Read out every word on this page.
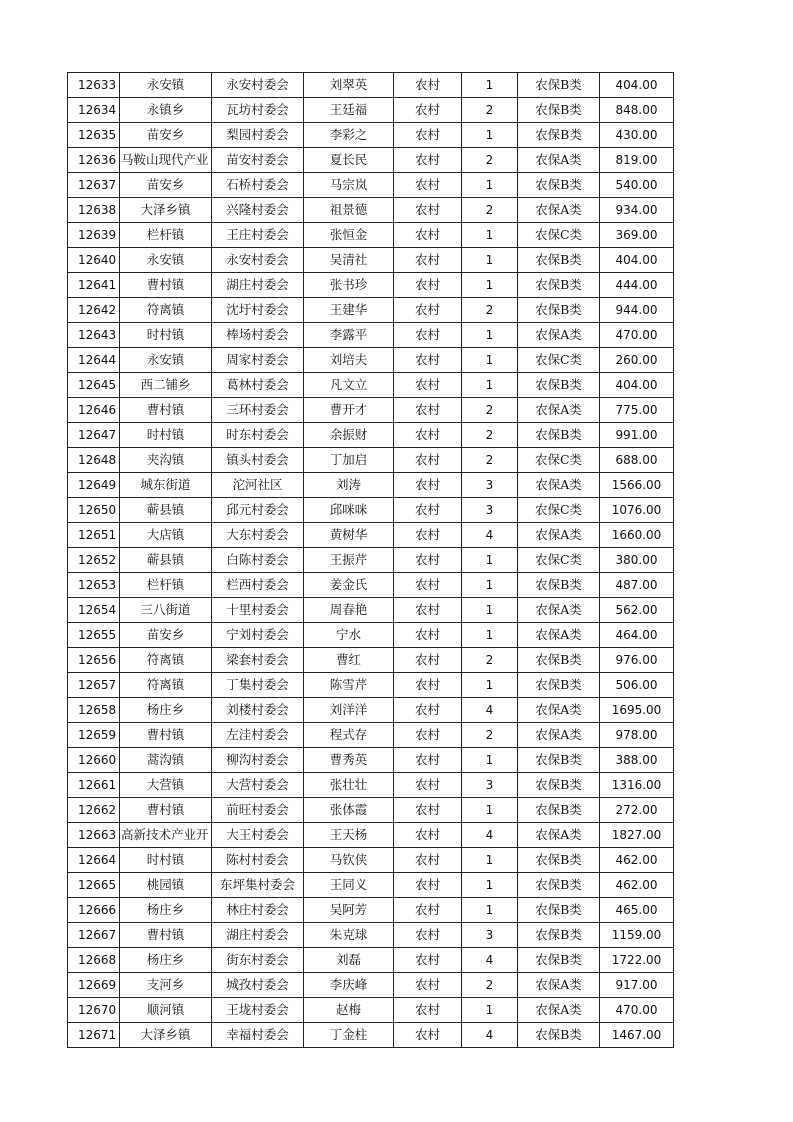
12633	永安镇	永安村委会	刘翠英	农村	1	农保B类	404.00
12634	永镇乡	瓦坊村委会	王廷福	农村	2	农保B类	848.00
12635	苗安乡	梨园村委会	李彩之	农村	1	农保B类	430.00
12636	马鞍山现代产业	苗安村委会	夏长民	农村	2	农保A类	819.00
12637	苗安乡	石桥村委会	马宗岚	农村	1	农保B类	540.00
12638	大泽乡镇	兴隆村委会	祖景德	农村	2	农保A类	934.00
12639	栏杆镇	王庄村委会	张恒金	农村	1	农保C类	369.00
12640	永安镇	永安村委会	吴清社	农村	1	农保B类	404.00
12641	曹村镇	湖庄村委会	张书珍	农村	1	农保B类	444.00
12642	符离镇	沈圩村委会	王建华	农村	2	农保B类	944.00
12643	时村镇	棒场村委会	李露平	农村	1	农保A类	470.00
12644	永安镇	周家村委会	刘培夫	农村	1	农保C类	260.00
12645	西二铺乡	葛林村委会	凡文立	农村	1	农保B类	404.00
12646	曹村镇	三环村委会	曹开才	农村	2	农保A类	775.00
12647	时村镇	时东村委会	余振财	农村	2	农保B类	991.00
12648	夹沟镇	镇头村委会	丁加启	农村	2	农保C类	688.00
12649	城东街道	沱河社区	刘涛	农村	3	农保A类	1566.00
12650	蕲县镇	邱元村委会	邱咪咪	农村	3	农保C类	1076.00
12651	大店镇	大东村委会	黄树华	农村	4	农保A类	1660.00
12652	蕲县镇	白陈村委会	王振芹	农村	1	农保C类	380.00
12653	栏杆镇	栏西村委会	姜金氏	农村	1	农保B类	487.00
12654	三八街道	十里村委会	周春艳	农村	1	农保A类	562.00
12655	苗安乡	宁刘村委会	宁水	农村	1	农保A类	464.00
12656	符离镇	梁套村委会	曹红	农村	2	农保B类	976.00
12657	符离镇	丁集村委会	陈雪芹	农村	1	农保B类	506.00
12658	杨庄乡	刘楼村委会	刘洋洋	农村	4	农保A类	1695.00
12659	曹村镇	左洼村委会	程式存	农村	2	农保A类	978.00
12660	蒿沟镇	柳沟村委会	曹秀英	农村	1	农保B类	388.00
12661	大营镇	大营村委会	张壮壮	农村	3	农保B类	1316.00
12662	曹村镇	前旺村委会	张体霞	农村	1	农保B类	272.00
12663	高新技术产业开	大王村委会	王天杨	农村	4	农保A类	1827.00
12664	时村镇	陈村村委会	马钦侠	农村	1	农保B类	462.00
12665	桃园镇	东坪集村委会	王同义	农村	1	农保B类	462.00
12666	杨庄乡	林庄村委会	吴阿芳	农村	1	农保B类	465.00
12667	曹村镇	湖庄村委会	朱克球	农村	3	农保B类	1159.00
12668	杨庄乡	街东村委会	刘磊	农村	4	农保B类	1722.00
12669	支河乡	城孜村委会	李庆峰	农村	2	农保A类	917.00
12670	顺河镇	王垅村委会	赵梅	农村	1	农保A类	470.00
12671	大泽乡镇	幸福村委会	丁金柱	农村	4	农保B类	1467.00
